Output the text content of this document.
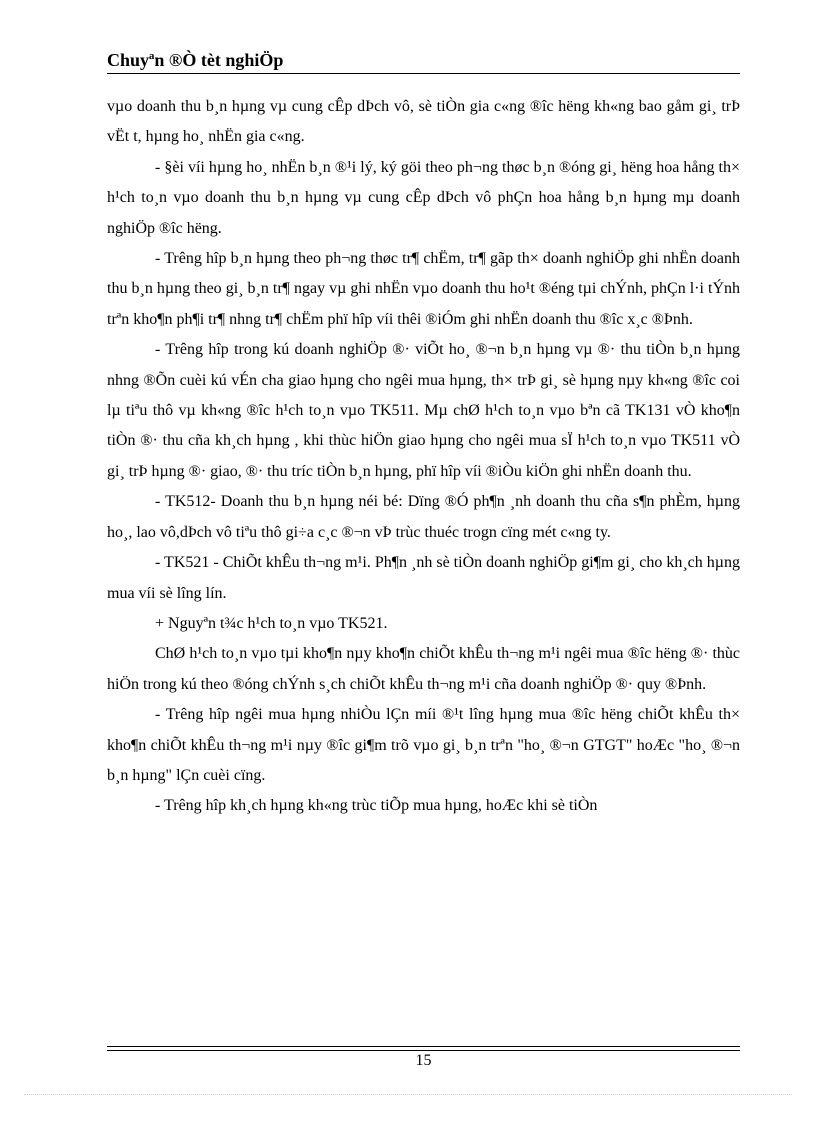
Chuyªn ®Ò tèt nghiÖp

vµo doanh thu b¸n hµng vµ cung cÊp dÞch vô, sè tiÒn gia c«ng ®îc hëng kh«ng bao gåm gi¸ trÞ vËt t, hµng ho¸ nhËn gia c«ng.

- §èi víi hµng ho¸ nhËn b¸n ®¹i lý, ký göi theo ph¬ng thøc b¸n ®óng gi¸ hëng hoa hång th× h¹ch to¸n vµo doanh thu b¸n hµng vµ cung cÊp dÞch vô phÇn hoa hång b¸n hµng mµ doanh nghiÖp ®îc hëng.

- Trêng hîp b¸n hµng theo ph¬ng thøc tr¶ chËm, tr¶ gãp th× doanh nghiÖp ghi nhËn doanh thu b¸n hµng theo gi¸ b¸n tr¶ ngay vµ ghi nhËn vµo doanh thu ho¹t ®éng tµi chÝnh, phÇn l·i tÝnh trªn kho¶n ph¶i tr¶ nhng tr¶ chËm phï hîp víi thêi ®iÓm ghi nhËn doanh thu ®îc x¸c ®Þnh.

- Trêng hîp trong kú doanh nghiÖp ®· viÕt ho¸ ®¬n b¸n hµng vµ ®· thu tiÒn b¸n hµng nhng ®Õn cuèi kú vÉn cha giao hµng cho ngêi mua hµng, th× trÞ gi¸ sè hµng nµy kh«ng ®îc coi lµ tiªu thô vµ kh«ng ®îc h¹ch to¸n vµo TK511. Mµ chØ h¹ch to¸n vµo bªn cã TK131 vÒ kho¶n tiÒn ®· thu cña kh¸ch hµng , khi thùc hiÖn giao hµng cho ngêi mua sÏ h¹ch to¸n vµo TK511 vÒ gi¸ trÞ hµng ®· giao, ®· thu tríc tiÒn b¸n hµng, phï hîp víi ®iÒu kiÖn ghi nhËn doanh thu.

- TK512- Doanh thu b¸n hµng néi bé: Dïng ®Ó ph¶n ¸nh doanh thu cña s¶n phÈm, hµng ho¸, lao vô,dÞch vô tiªu thô gi÷a c¸c ®¬n vÞ trùc thuéc trogn cïng mét c«ng ty.

- TK521 - ChiÕt khÊu th¬ng m¹i. Ph¶n ¸nh sè tiÒn doanh nghiÖp gi¶m gi¸ cho kh¸ch hµng mua víi sè lîng lín.

+ Nguyªn t¾c h¹ch to¸n vµo TK521.

ChØ h¹ch to¸n vµo tµi kho¶n nµy kho¶n chiÕt khÊu th¬ng m¹i ngêi mua ®îc hëng ®· thùc hiÖn trong kú theo ®óng chÝnh s¸ch chiÕt khÊu th¬ng m¹i cña doanh nghiÖp ®· quy ®Þnh.

- Trêng hîp ngêi mua hµng nhiÒu lÇn míi ®¹t lîng hµng mua ®îc hëng chiÕt khÊu th× kho¶n chiÕt khÊu th¬ng m¹i nµy ®îc gi¶m trõ vµo gi¸ b¸n trªn "ho¸ ®¬n GTGT" hoÆc "ho¸ ®¬n b¸n hµng" lÇn cuèi cïng.

- Trêng hîp kh¸ch hµng kh«ng trùc tiÕp mua hµng, hoÆc khi sè tiÒn

15
